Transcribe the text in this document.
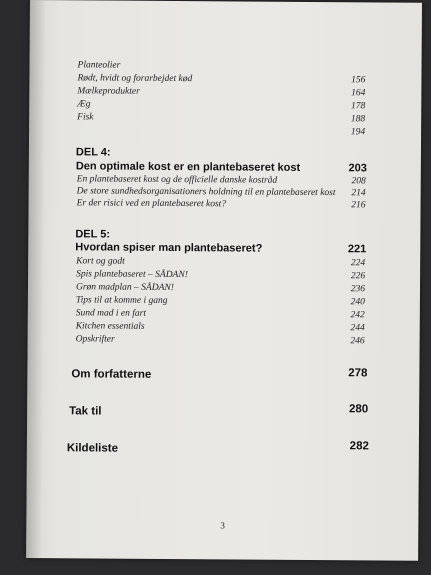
Planteolier
Rødt, hvidt og forarbejdet kød	156
Mælkeprodukter	164
Æg	178
Fisk	188
194
DEL 4:
Den optimale kost er en plantebaseret kost	203
En plantebaseret kost og de officielle danske kostråd	208
De store sundhedsorganisationers holdning til en plantebaseret kost	214
Er der risici ved en plantebaseret kost?	216
DEL 5:
Hvordan spiser man plantebaseret?	221
Kort og godt	224
Spis plantebaseret – SÅDAN!	226
Grøn madplan – SÅDAN!	236
Tips til at komme i gang	240
Sund mad i en fart	242
Kitchen essentials	244
Opskrifter	246
Om forfatterne	278
Tak til	280
Kildeliste	282
3
